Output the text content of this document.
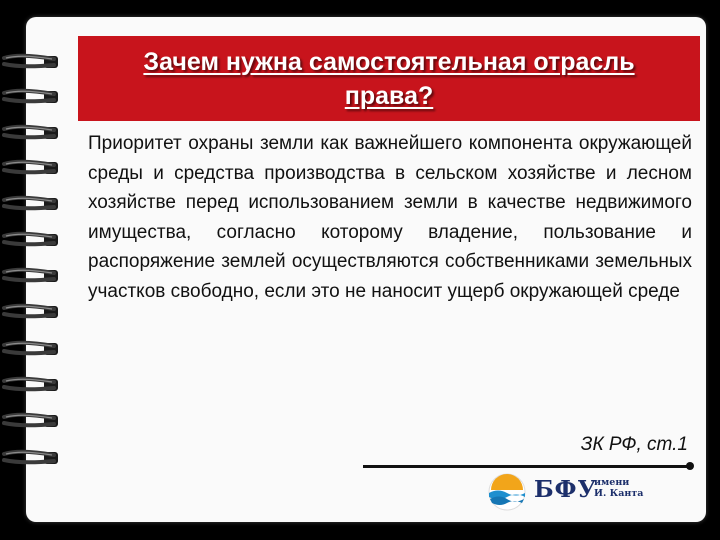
Зачем нужна самостоятельная отрасль права?
Приоритет охраны земли как важнейшего компонента окружающей среды и средства производства в сельском хозяйстве и лесном хозяйстве перед использованием земли в качестве недвижимого имущества, согласно которому владение, пользование и распоряжение землей осуществляются собственниками земельных участков свободно, если это не наносит ущерб окружающей среде
ЗК РФ, ст.1
БФУ
имени
И. Канта
